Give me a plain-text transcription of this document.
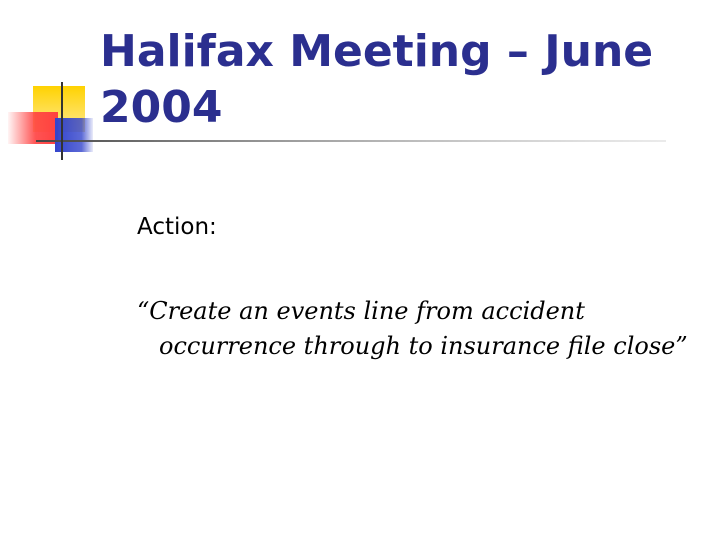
Halifax Meeting – June 2004
Action:

“Create an events line from accident occurrence through to insurance file close”
